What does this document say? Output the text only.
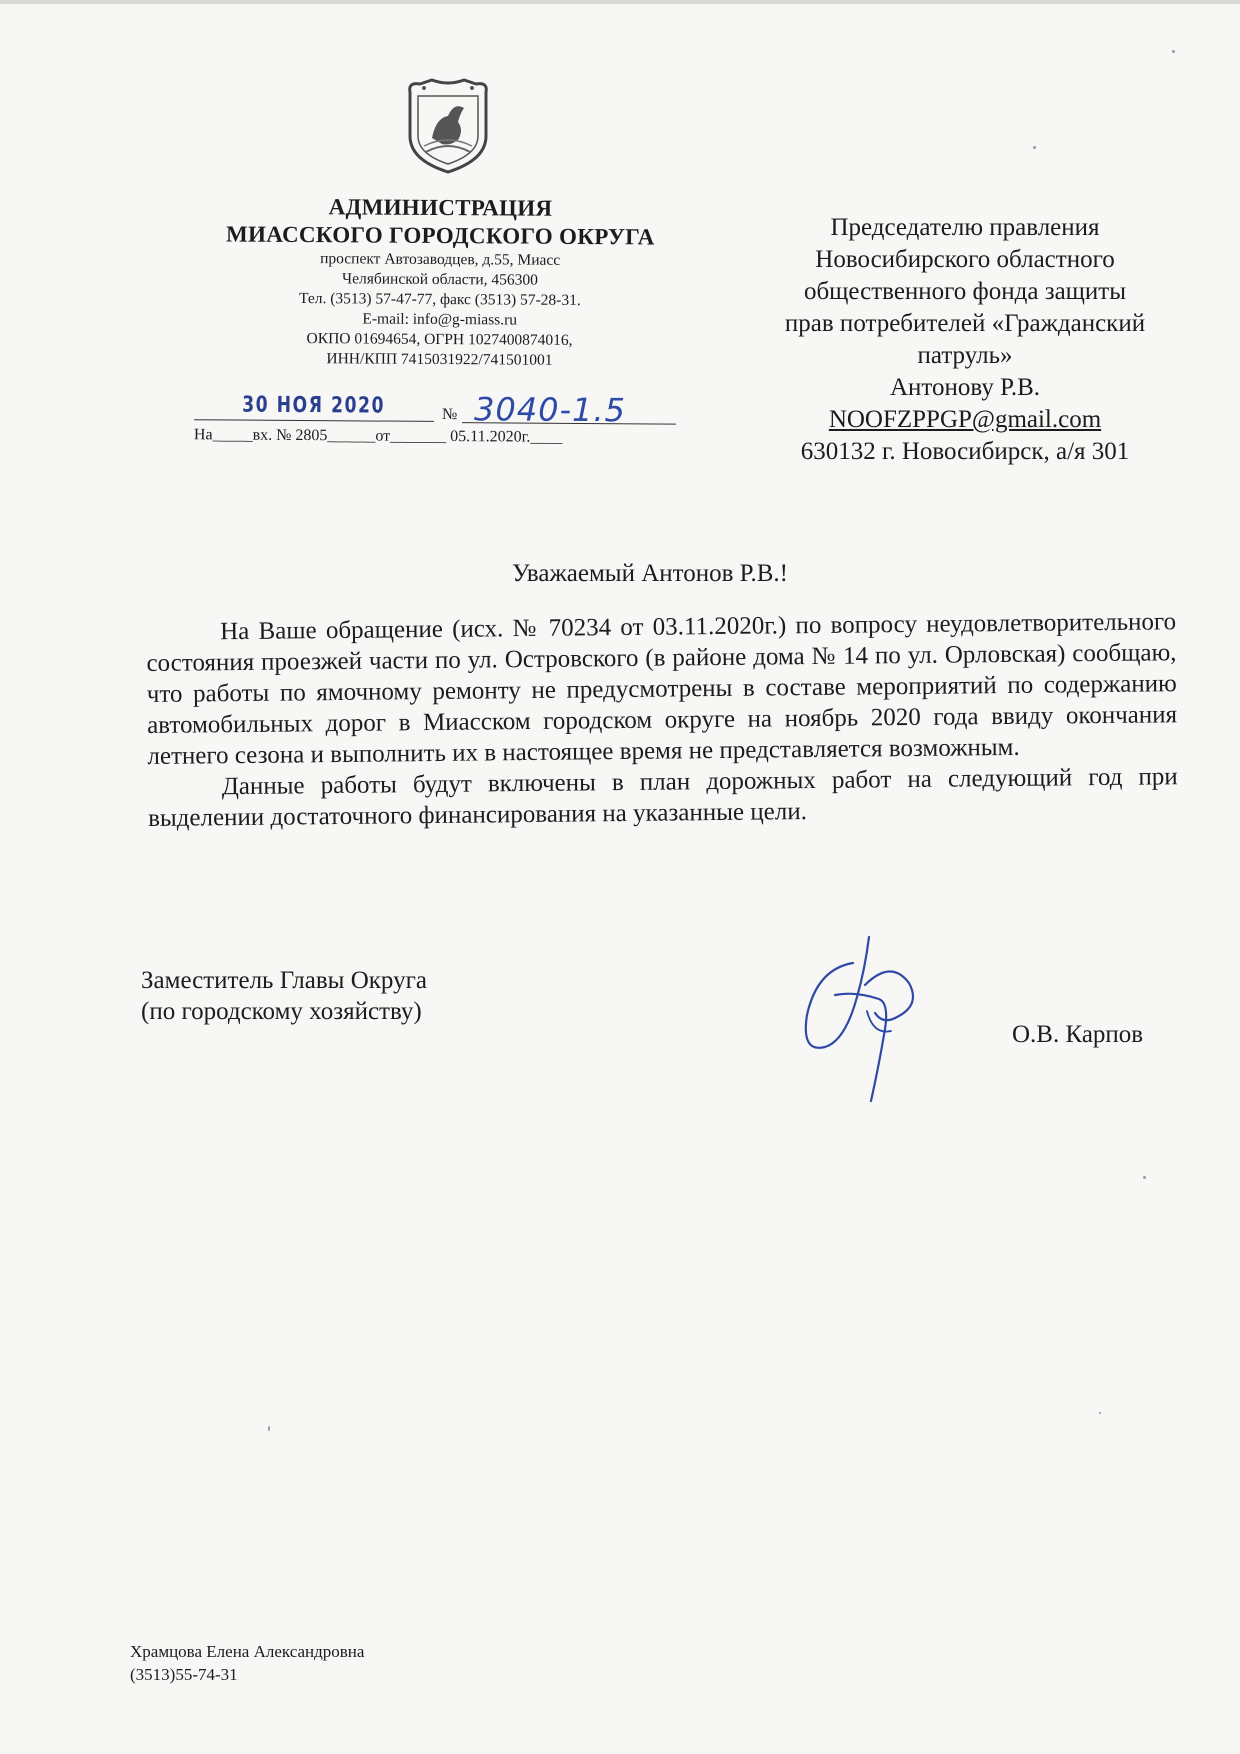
АДМИНИСТРАЦИЯ
МИАССКОГО ГОРОДСКОГО ОКРУГА
проспект Автозаводцев, д.55, Миасс
Челябинской области, 456300
Тел. (3513) 57-47-77, факс (3513) 57-28-31.
E-mail: info@g-miass.ru
ОКПО 01694654, ОГРН 1027400874016,
ИНН/КПП 7415031922/741501001
30 НОЯ 2020	№ 3040-1.5
На_____вх. № 2805______от_______ 05.11.2020г.____
Председателю правления
Новосибирского областного
общественного фонда защиты
прав потребителей «Гражданский
патруль»
Антонову Р.В.
NOOFZPPGP@gmail.com
630132 г. Новосибирск, а/я 301
Уважаемый Антонов Р.В.!

На Ваше обращение (исх. № 70234 от 03.11.2020г.) по вопросу неудовлетворительного состояния проезжей части по ул. Островского (в районе дома № 14 по ул. Орловская) сообщаю, что работы по ямочному ремонту не предусмотрены в составе мероприятий по содержанию автомобильных дорог в Миасском городском округе на ноябрь 2020 года ввиду окончания летнего сезона и выполнить их в настоящее время не представляется возможным.

Данные работы будут включены в план дорожных работ на следующий год при выделении достаточного финансирования на указанные цели.

Заместитель Главы Округа
(по городскому хозяйству)
О.В. Карпов
Храмцова Елена Александровна
(3513)55-74-31
